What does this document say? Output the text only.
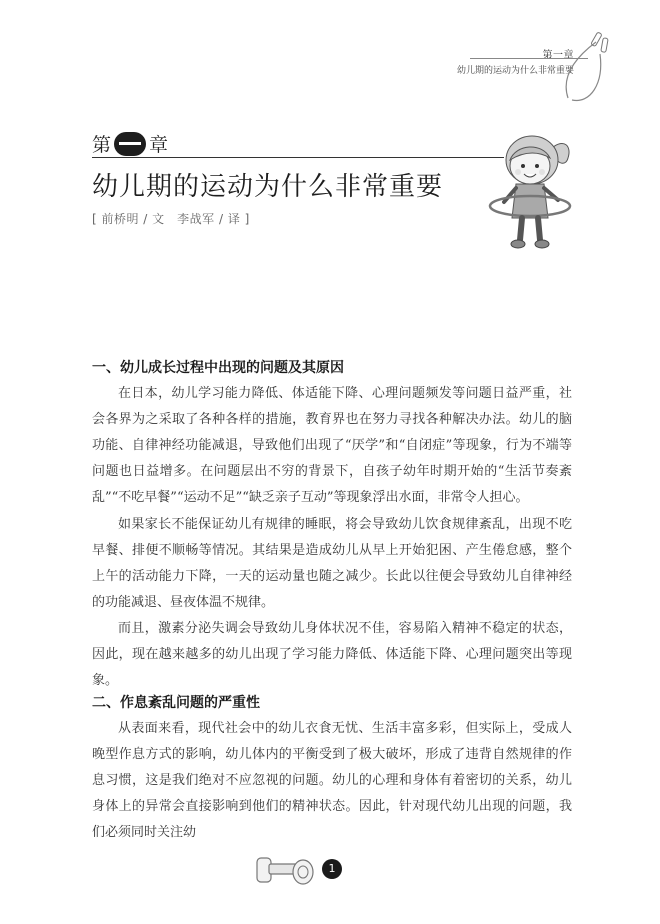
第一章
幼儿期的运动为什么非常重要
第 章
幼儿期的运动为什么非常重要
[ 前桥明 / 文　李战军 / 译 ]
一、幼儿成长过程中出现的问题及其原因

在日本，幼儿学习能力降低、体适能下降、心理问题频发等问题日益严重，社会各界为之采取了各种各样的措施，教育界也在努力寻找各种解决办法。幼儿的脑功能、自律神经功能减退，导致他们出现了“厌学”和“自闭症”等现象，行为不端等问题也日益增多。在问题层出不穷的背景下，自孩子幼年时期开始的“生活节奏紊乱”“不吃早餐”“运动不足”“缺乏亲子互动”等现象浮出水面，非常令人担心。

如果家长不能保证幼儿有规律的睡眠，将会导致幼儿饮食规律紊乱，出现不吃早餐、排便不顺畅等情况。其结果是造成幼儿从早上开始犯困、产生倦怠感，整个上午的活动能力下降，一天的运动量也随之减少。长此以往便会导致幼儿自律神经的功能减退、昼夜体温不规律。

而且，激素分泌失调会导致幼儿身体状况不佳，容易陷入精神不稳定的状态，因此，现在越来越多的幼儿出现了学习能力降低、体适能下降、心理问题突出等现象。

二、作息紊乱问题的严重性

从表面来看，现代社会中的幼儿衣食无忧、生活丰富多彩，但实际上，受成人晚型作息方式的影响，幼儿体内的平衡受到了极大破坏，形成了违背自然规律的作息习惯，这是我们绝对不应忽视的问题。幼儿的心理和身体有着密切的关系，幼儿身体上的异常会直接影响到他们的精神状态。因此，针对现代幼儿出现的问题，我们必须同时关注幼

1
